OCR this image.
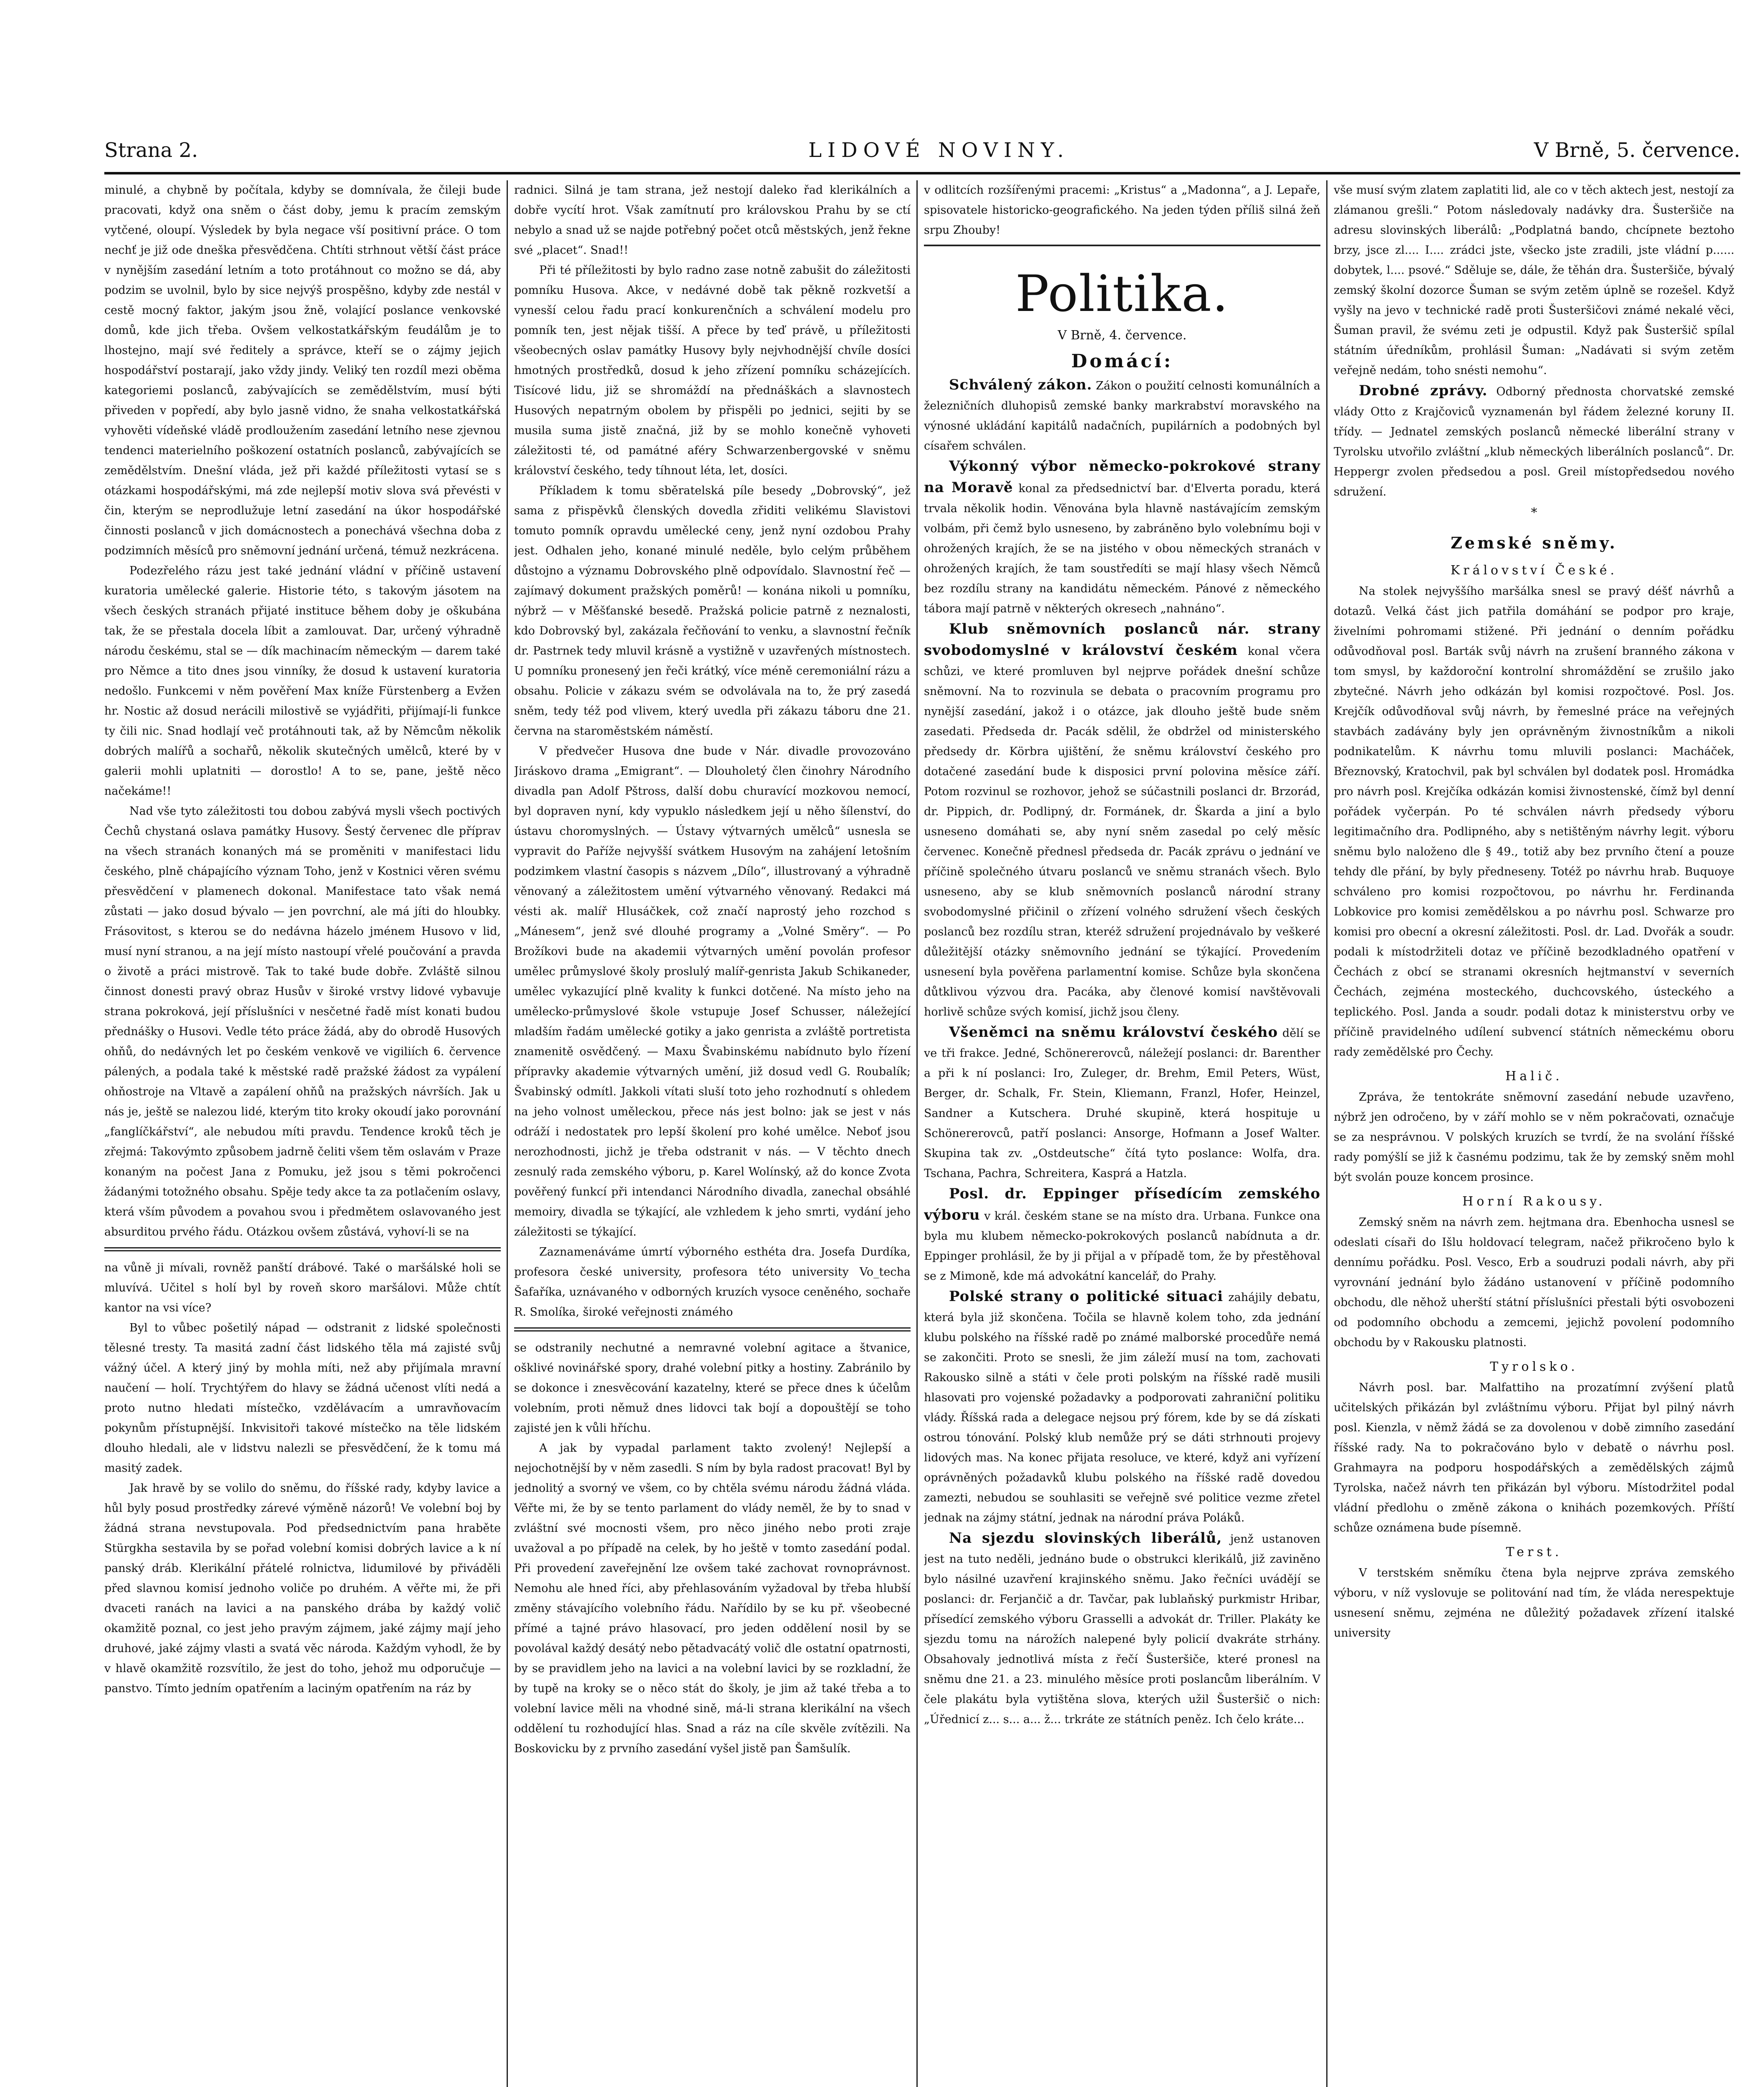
Strana 2.	LIDOVÉ NOVINY.	V Brně, 5. července.

minulé, a chybně by počítala, kdyby se domnívala, že čileji bude pracovati, když ona sněm o část doby, jemu k pracím zemským vytčené, oloupí. Výsledek by byla negace vší positivní práce. O tom nechť je již ode dneška přesvědčena. Chtíti strhnout větší část práce v nynějším zasedání letním a toto protáhnout co možno se dá, aby podzim se uvolnil, bylo by sice nejvýš prospěšno, kdyby zde nestál v cestě mocný faktor, jakým jsou žně, volající poslance venkovské domů, kde jich třeba. Ovšem velkostatkářským feudálům je to lhostejno, mají své ředitely a správce, kteří se o zájmy jejich hospodářství postarají, jako vždy jindy. Veliký ten rozdíl mezi oběma kategoriemi poslanců, zabývajících se zemědělstvím, musí býti přiveden v popředí, aby bylo jasně vidno, že snaha velkostatkářská vyhověti vídeňské vládě prodloužením zasedání letního nese zjevnou tendenci materielního poškození ostatních poslanců, zabývajících se zemědělstvím. Dnešní vláda, jež při každé příležitosti vytasí se s otázkami hospodářskými, má zde nejlepší motiv slova svá převésti v čin, kterým se neprodlužuje letní zasedání na úkor hospodářské činnosti poslanců v jich domácnostech a ponechává všechna doba z podzimních měsíců pro sněmovní jednání určená, témuž nezkrácena.

Podezřelého rázu jest také jednání vládní v příčině ustavení kuratoria umělecké galerie. Historie této, s takovým jásotem na všech českých stranách přijaté instituce během doby je oškubána tak, že se přestala docela líbit a zamlouvat. Dar, určený výhradně národu českému, stal se — dík machinacím německým — darem také pro Němce a tito dnes jsou vinníky, že dosud k ustavení kuratoria nedošlo. Funkcemi v něm pověření Max kníže Fürstenberg a Evžen hr. Nostic až dosud nerácili milostivě se vyjádřiti, přijímají-li funkce ty čili nic. Snad hodlají več protáhnouti tak, až by Němcům několik dobrých malířů a sochařů, několik skutečných umělců, které by v galerii mohli uplatniti — dorostlo! A to se, pane, ještě něco načekáme!!

Nad vše tyto záležitosti tou dobou zabývá mysli všech poctivých Čechů chystaná oslava památky Husovy. Šestý červenec dle příprav na všech stranách konaných má se proměniti v manifestaci lidu českého, plně chápajícího význam Toho, jenž v Kostnici věren svému přesvědčení v plamenech dokonal. Manifestace tato však nemá zůstati — jako dosud bývalo — jen povrchní, ale má jíti do hloubky. Frásovitost, s kterou se do nedávna házelo jménem Husovo v lid, musí nyní stranou, a na její místo nastoupí vřelé poučování a pravda o životě a práci mistrově. Tak to také bude dobře. Zvláště silnou činnost donesti pravý obraz Husův v široké vrstvy lidové vybavuje strana pokroková, její příslušníci v nesčetné řadě míst konati budou přednášky o Husovi. Vedle této práce žádá, aby do obrodě Husových ohňů, do nedávných let po českém venkově ve vigiliích 6. července pálených, a podala také k městské radě pražské žádost za vypálení ohňostroje na Vltavě a zapálení ohňů na pražských návrších. Jak u nás je, ještě se nalezou lidé, kterým tito kroky okoudí jako porovnání „fanglíčkářství“, ale nebudou míti pravdu. Tendence kroků těch je zřejmá: Takovýmto způsobem jadrně čeliti všem těm oslavám v Praze konaným na počest Jana z Pomuku, jež jsou s těmi pokročenci žádanými totožného obsahu. Spěje tedy akce ta za potlačením oslavy, která vším původem a povahou svou i předmětem oslavovaného jest absurditou prvého řádu. Otázkou ovšem zůstává, vyhoví-li se na

na vůně ji mívali, rovněž panští drábové. Také o maršálské holi se mluvívá. Učitel s holí byl by roveň skoro maršálovi. Může chtít kantor na vsi více?

Byl to vůbec pošetilý nápad — odstranit z lidské společnosti tělesné tresty. Ta masitá zadní část lidského těla má zajisté svůj vážný účel. A který jiný by mohla míti, než aby přijímala mravní naučení — holí. Trychtýřem do hlavy se žádná učenost vlíti nedá a proto nutno hledati místečko, vzdělávacím a umravňovacím pokynům přístupnější. Inkvisitoři takové místečko na těle lidském dlouho hledali, ale v lidstvu nalezli se přesvědčení, že k tomu má masitý zadek.

Jak hravě by se volilo do sněmu, do říšské rady, kdyby lavice a hůl byly posud prostředky zárevé výměně názorů! Ve volební boj by žádná strana nevstupovala. Pod předsednictvím pana hraběte Stürgkha sestavila by se pořad volební komisi dobrých lavice a k ní panský dráb. Klerikální přátelé rolnictva, lidumilové by přiváděli před slavnou komisí jednoho voliče po druhém. A věřte mi, že při dvaceti ranách na lavici a na panského drába by každý volič okamžitě poznal, co jest jeho pravým zájmem, jaké zájmy mají jeho druhové, jaké zájmy vlasti a svatá věc národa. Každým vyhodl, že by v hlavě okamžitě rozsvítilo, že jest do toho, jehož mu odporučuje — panstvo. Tímto jedním opatřením a laciným opatřením na ráz by

radnici. Silná je tam strana, jež nestojí daleko řad klerikálních a dobře vycítí hrot. Však zamítnutí pro královskou Prahu by se ctí nebylo a snad už se najde potřebný počet otců městských, jenž řekne své „placet“. Snad!!

Při té příležitosti by bylo radno zase notně zabušit do záležitosti pomníku Husova. Akce, v nedávné době tak pěkně rozkvetší a vynesší celou řadu prací konkurenčních a schválení modelu pro pomník ten, jest nějak tišší. A přece by teď právě, u příležitosti všeobecných oslav památky Husovy byly nejvhodnější chvíle dosíci hmotných prostředků, dosud k jeho zřízení pomníku scházejících. Tisícové lidu, již se shromáždí na přednáškách a slavnostech Husových nepatrným obolem by přispěli po jednici, sejiti by se musila suma jistě značná, již by se mohlo konečně vyhoveti záležitosti té, od památné aféry Schwarzenbergovské v sněmu království českého, tedy tíhnout léta, let, dosíci.

Příkladem k tomu sběratelská píle besedy „Dobrovský“, jež sama z přispěvků členských dovedla zřiditi velikému Slavistovi tomuto pomník opravdu umělecké ceny, jenž nyní ozdobou Prahy jest. Odhalen jeho, konané minulé neděle, bylo celým průběhem důstojno a významu Dobrovského plně odpovídalo. Slavnostní řeč — zajímavý dokument pražských poměrů! — konána nikoli u pomníku, nýbrž — v Měšťanské besedě. Pražská policie patrně z neznalosti, kdo Dobrovský byl, zakázala řečňování to venku, a slavnostní řečník dr. Pastrnek tedy mluvil krásně a vystižně v uzavřených místnostech. U pomníku pronesený jen řeči krátký, více méně ceremoniální rázu a obsahu. Policie v zákazu svém se odvolávala na to, že prý zasedá sněm, tedy též pod vlivem, který uvedla při zákazu táboru dne 21. června na staroměstském náměstí.

V předvečer Husova dne bude v Nár. divadle provozováno Jiráskovo drama „Emigrant“. — Dlouholetý člen činohry Národního divadla pan Adolf Pštross, další dobu churavící mozkovou nemocí, byl dopraven nyní, kdy vypuklo následkem její u něho šílenství, do ústavu choromyslných. — Ústavy výtvarných umělců“ usnesla se vypravit do Paříže nejvyšší svátkem Husovým na zahájení letošním podzimkem vlastní časopis s názvem „Dílo“, illustrovaný a výhradně věnovaný a záležitostem umění výtvarného věnovaný. Redakci má vésti ak. malíř Hlusáčkek, což značí naprostý jeho rozchod s „Mánesem“, jenž své dlouhé programy a „Volné Směry“. — Po Brožíkovi bude na akademii výtvarných umění povolán profesor umělec průmyslové školy proslulý malíř-genrista Jakub Schikaneder, umělec vykazující plně kvality k funkci dotčené. Na místo jeho na umělecko-průmyslové škole vstupuje Josef Schusser, náležející mladším řadám umělecké gotiky a jako genrista a zvláště portretista znamenitě osvědčený. — Maxu Švabinskému nabídnuto bylo řízení přípravky akademie výtvarných umění, již dosud vedl G. Roubalík; Švabinský odmítl. Jakkoli vítati sluší toto jeho rozhodnutí s ohledem na jeho volnost uměleckou, přece nás jest bolno: jak se jest v nás odráží i nedostatek pro lepší školení pro kohé umělce. Neboť jsou nerozhodnosti, jichž je třeba odstranit v nás. — V těchto dnech zesnulý rada zemského výboru, p. Karel Wolínský, až do konce Zvota pověřený funkcí při intendanci Národního divadla, zanechal obsáhlé memoiry, divadla se týkající, ale vzhledem k jeho smrti, vydání jeho záležitosti se týkající.

Zaznamenáváme úmrtí výborného esthéta dra. Josefa Durdíka, profesora české university, profesora této university Vo_techa Šafaříka, uznávaného v odborných kruzích vysoce ceněného, sochaře R. Smolíka, široké veřejnosti známého

se odstranily nechutné a nemravné volební agitace a štvanice, ošklivé novinářské spory, drahé volební pitky a hostiny. Zabránilo by se dokonce i znesvěcování kazatelny, které se přece dnes k účelům volebním, proti němuž dnes lidovci tak bojí a dopouštějí se toho zajisté jen k vůli hříchu.

A jak by vypadal parlament takto zvolený! Nejlepší a nejochotnější by v něm zasedli. S ním by byla radost pracovat! Byl by jednolitý a svorný ve všem, co by chtěla svému národu žádná vláda. Věřte mi, že by se tento parlament do vlády neměl, že by to snad v zvláštní své mocnosti všem, pro něco jiného nebo proti zraje uvažoval a po případě na celek, by ho ještě v tomto zasedání podal. Při provedení zaveřejnění lze ovšem také zachovat rovnoprávnost. Nemohu ale hned říci, aby přehlasováním vyžadoval by třeba hlubší změny stávajícího volebního řádu. Nařídilo by se ku př. všeobecné přímé a tajné právo hlasovací, pro jeden oddělení nosil by se povolával každý desátý nebo pětadvacátý volič dle ostatní opatrnosti, by se pravidlem jeho na lavici a na volební lavici by se rozkladní, že by tupě na kroky se o něco stát do školy, je jim až také třeba a to volební lavice měli na vhodné sině, má-li strana klerikální na všech oddělení tu rozhodující hlas. Snad a ráz na cíle skvěle zvítězili. Na Boskovicku by z prvního zasedání vyšel jistě pan Šamšulík.

v odlitcích rozšířenými pracemi: „Kristus“ a „Madonna“, a J. Lepaře, spisovatele historicko-geografického. Na jeden týden příliš silná žeň srpu Zhouby!

Politika.
V Brně, 4. července.
Domácí:

Schválený zákon. Zákon o použití celnosti komunálních a železničních dluhopisů zemské banky markrabství moravského na výnosné ukládání kapitálů nadačních, pupilárních a podobných byl císařem schválen.

Výkonný výbor německo-pokrokové strany na Moravě konal za předsednictví bar. d'Elverta poradu, která trvala několik hodin. Věnována byla hlavně nastávajícím zemským volbám, při čemž bylo usneseno, by zabráněno bylo volebnímu boji v ohrožených krajích, že se na jistého v obou německých stranách v ohrožených krajích, že tam soustředíti se mají hlasy všech Němců bez rozdílu strany na kandidátu německém. Pánové z německého tábora mají patrně v některých okresech „nahnáno“.

Klub sněmovních poslanců nár. strany svobodomyslné v království českém konal včera schůzi, ve které promluven byl nejprve pořádek dnešní schůze sněmovní. Na to rozvinula se debata o pracovním programu pro nynější zasedání, jakož i o otázce, jak dlouho ještě bude sněm zasedati. Předseda dr. Pacák sdělil, že obdržel od ministerského předsedy dr. Körbra ujištění, že sněmu království českého pro dotačené zasedání bude k disposici první polovina měsíce září. Potom rozvinul se rozhovor, jehož se súčastnili poslanci dr. Brzorád, dr. Pippich, dr. Podlipný, dr. Formánek, dr. Škarda a jiní a bylo usneseno domáhati se, aby nyní sněm zasedal po celý měsíc červenec. Konečně přednesl předseda dr. Pacák zprávu o jednání ve příčině společného útvaru poslanců ve sněmu stranách všech. Bylo usneseno, aby se klub sněmovních poslanců národní strany svobodomyslné přičinil o zřízení volného sdružení všech českých poslanců bez rozdílu stran, kteréž sdružení projednávalo by veškeré důležitější otázky sněmovního jednání se týkající. Provedením usnesení byla pověřena parlamentní komise. Schůze byla skončena důtklivou výzvou dra. Pacáka, aby členové komisí navštěvovali horlivě schůze svých komisí, jichž jsou členy.

Všeněmci na sněmu království českého dělí se ve tři frakce. Jedné, Schönererovců, náležejí poslanci: dr. Barenther a při k ní poslanci: Iro, Zuleger, dr. Brehm, Emil Peters, Wüst, Berger, dr. Schalk, Fr. Stein, Kliemann, Franzl, Hofer, Heinzel, Sandner a Kutschera. Druhé skupině, která hospituje u Schönererovců, patří poslanci: Ansorge, Hofmann a Josef Walter. Skupina tak zv. „Ostdeutsche“ čítá tyto poslance: Wolfa, dra. Tschana, Pachra, Schreitera, Kasprá a Hatzla.

Posl. dr. Eppinger přísedícím zemského výboru v král. českém stane se na místo dra. Urbana. Funkce ona byla mu klubem německo-pokrokových poslanců nabídnuta a dr. Eppinger prohlásil, že by ji přijal a v případě tom, že by přestěhoval se z Mimoně, kde má advokátní kancelář, do Prahy.

Polské strany o politické situaci zahájily debatu, která byla již skončena. Točila se hlavně kolem toho, zda jednání klubu polského na říšské radě po známé malborské procedůře nemá se zakončiti. Proto se snesli, že jim záleží musí na tom, zachovati Rakousko silně a státi v čele proti polským na říšské radě musili hlasovati pro vojenské požadavky a podporovati zahraniční politiku vlády. Říšská rada a delegace nejsou prý fórem, kde by se dá získati ostrou tónování. Polský klub nemůže prý se dáti strhnouti projevy lidových mas. Na konec přijata resoluce, ve které, když ani vyřízení oprávněných požadavků klubu polského na říšské radě dovedou zamezti, nebudou se souhlasiti se veřejně své politice vezme zřetel jednak na zájmy státní, jednak na národní práva Poláků.

Na sjezdu slovinských liberálů, jenž ustanoven jest na tuto neděli, jednáno bude o obstrukci klerikálů, již zaviněno bylo násilné uzavření krajinského sněmu. Jako řečníci uvádějí se poslanci: dr. Ferjančič a dr. Tavčar, pak lublaňský purkmistr Hribar, přísedící zemského výboru Grasselli a advokát dr. Triller. Plakáty ke sjezdu tomu na nárožích nalepené byly policií dvakráte strhány. Obsahovaly jednotlivá místa z řečí Šusteršiče, které pronesl na sněmu dne 21. a 23. minulého měsíce proti poslancům liberálním. V čele plakátu byla vytištěna slova, kterých užil Šusteršič o nich: „Úřednicí z... s... a... ž... trkráte ze státních peněz. Ich čelo kráte...

vše musí svým zlatem zaplatiti lid, ale co v těch aktech jest, nestojí za zlámanou grešli.“ Potom následovaly nadávky dra. Šusteršiče na adresu slovinských liberálů: „Podplatná bando, chcípnete beztoho brzy, jsce zl.... I.... zrádci jste, všecko jste zradili, jste vládní p...... dobytek, l.... psové.“ Sděluje se, dále, že těhán dra. Šusteršiče, bývalý zemský školní dozorce Šuman se svým zetěm úplně se rozešel. Když vyšly na jevo v technické radě proti Šusteršičovi známé nekalé věci, Šuman pravil, že svému zeti je odpustil. Když pak Šusteršič spílal státním úředníkům, prohlásil Šuman: „Nadávati si svým zetěm veřejně nedám, toho snésti nemohu“.

Drobné zprávy. Odborný přednosta chorvatské zemské vlády Otto z Krajčoviců vyznamenán byl řádem železné koruny II. třídy. — Jednatel zemských poslanců německé liberální strany v Tyrolsku utvořilo zvláštní „klub německých liberálních poslanců“. Dr. Heppergr zvolen předsedou a posl. Greil místopředsedou nového sdružení.

*
Zemské sněmy.
Království České.

Na stolek nejvyššího maršálka snesl se pravý déšť návrhů a dotazů. Velká část jich patřila domáhání se podpor pro kraje, živelními pohromami stižené. Při jednání o denním pořádku odůvodňoval posl. Barták svůj návrh na zrušení branného zákona v tom smysl, by každoroční kontrolní shromáždění se zrušilo jako zbytečné. Návrh jeho odkázán byl komisi rozpočtové. Posl. Jos. Krejčík odůvodňoval svůj návrh, by řemeslné práce na veřejných stavbách zadávány byly jen oprávněným živnostníkům a nikoli podnikatelům. K návrhu tomu mluvili poslanci: Macháček, Březnovský, Kratochvil, pak byl schválen byl dodatek posl. Hromádka pro návrh posl. Krejčíka odkázán komisi živnostenské, čímž byl denní pořádek vyčerpán. Po té schválen návrh předsedy výboru legitimačního dra. Podlipného, aby s netištěným návrhy legit. výboru sněmu bylo naloženo dle § 49., totiž aby bez prvního čtení a pouze tehdy dle přání, by byly předneseny. Totéž po návrhu hrab. Buquoye schváleno pro komisi rozpočtovou, po návrhu hr. Ferdinanda Lobkovice pro komisi zemědělskou a po návrhu posl. Schwarze pro komisi pro obecní a okresní záležitosti. Posl. dr. Lad. Dvořák a soudr. podali k místodržiteli dotaz ve příčině bezodkladného opatření v Čechách z obcí se stranami okresních hejtmanství v severních Čechách, zejména mosteckého, duchcovského, ústeckého a teplického. Posl. Janda a soudr. podali dotaz k ministerstvu orby ve příčině pravidelného udílení subvencí státních německému oboru rady zemědělské pro Čechy.

Halič.

Zpráva, že tentokráte sněmovní zasedání nebude uzavřeno, nýbrž jen odročeno, by v září mohlo se v něm pokračovati, označuje se za nesprávnou. V polských kruzích se tvrdí, že na svolání říšské rady pomýšlí se již k časnému podzimu, tak že by zemský sněm mohl být svolán pouze koncem prosince.

Horní Rakousy.

Zemský sněm na návrh zem. hejtmana dra. Ebenhocha usnesl se odeslati císaři do Išlu holdovací telegram, načež přikročeno bylo k dennímu pořádku. Posl. Vesco, Erb a soudruzi podali návrh, aby při vyrovnání jednání bylo žádáno ustanovení v příčině podomního obchodu, dle něhož uherští státní příslušníci přestali býti osvobozeni od podomního obchodu a zemcemi, jejichž povolení podomního obchodu by v Rakousku platnosti.

Tyrolsko.

Návrh posl. bar. Malfattiho na prozatímní zvýšení platů učitelských přikázán byl zvláštnímu výboru. Přijat byl pilný návrh posl. Kienzla, v němž žádá se za dovolenou v době zimního zasedání říšské rady. Na to pokračováno bylo v debatě o návrhu posl. Grahmayra na podporu hospodářských a zemědělských zájmů Tyrolska, načež návrh ten přikázán byl výboru. Místodržitel podal vládní předlohu o změně zákona o knihách pozemkových. Příští schůze oznámena bude písemně.

Terst.

V terstském sněmíku čtena byla nejprve zpráva zemského výboru, v níž vyslovuje se politování nad tím, že vláda nerespektuje usnesení sněmu, zejména ne důležitý požadavek zřízení italské university
